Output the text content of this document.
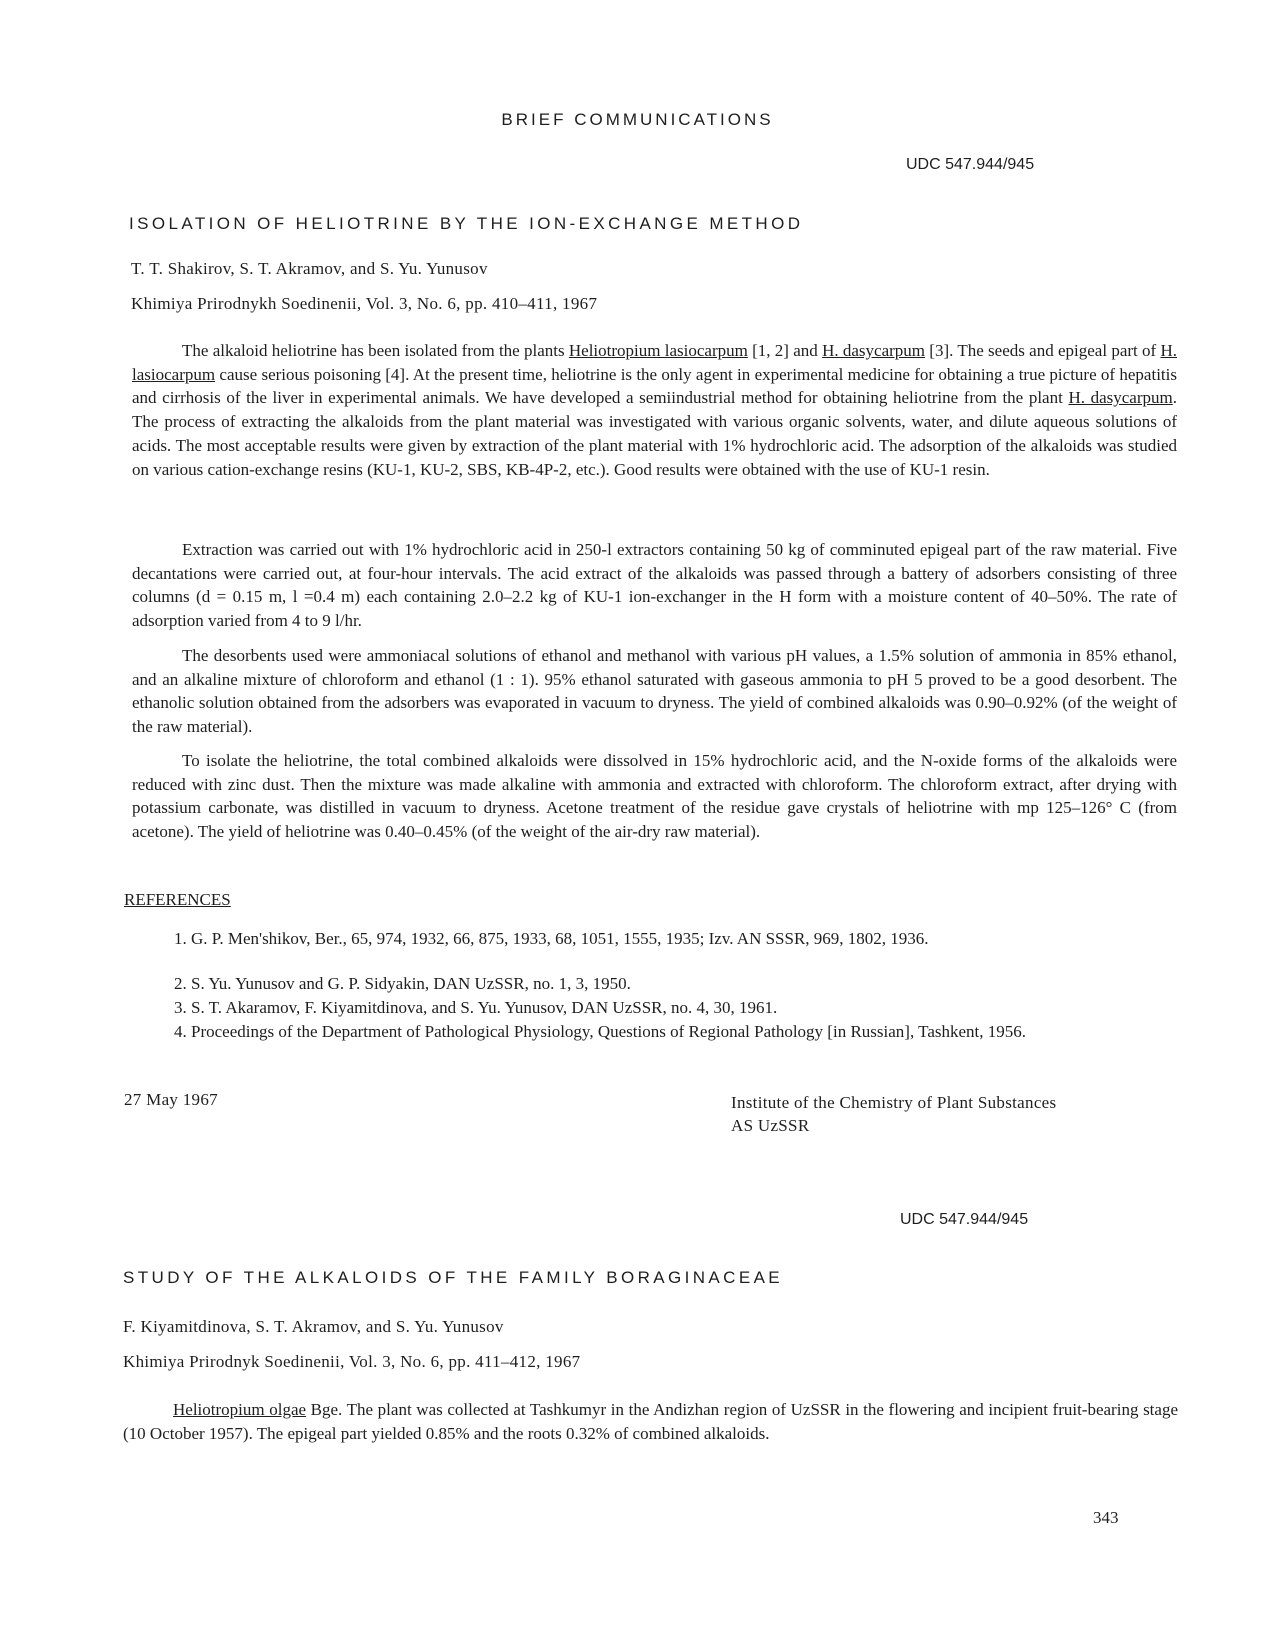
BRIEF COMMUNICATIONS
UDC 547.944/945
ISOLATION OF HELIOTRINE BY THE ION-EXCHANGE METHOD
T. T. Shakirov, S. T. Akramov, and S. Yu. Yunusov
Khimiya Prirodnykh Soedinenii, Vol. 3, No. 6, pp. 410–411, 1967
The alkaloid heliotrine has been isolated from the plants Heliotropium lasiocarpum [1, 2] and H. dasycarpum [3]. The seeds and epigeal part of H. lasiocarpum cause serious poisoning [4]. At the present time, heliotrine is the only agent in experimental medicine for obtaining a true picture of hepatitis and cirrhosis of the liver in experimental animals. We have developed a semiindustrial method for obtaining heliotrine from the plant H. dasycarpum. The process of extracting the alkaloids from the plant material was investigated with various organic solvents, water, and dilute aqueous solutions of acids. The most acceptable results were given by extraction of the plant material with 1% hydrochloric acid. The adsorption of the alkaloids was studied on various cation-exchange resins (KU-1, KU-2, SBS, KB-4P-2, etc.). Good results were obtained with the use of KU-1 resin.
Extraction was carried out with 1% hydrochloric acid in 250-l extractors containing 50 kg of comminuted epigeal part of the raw material. Five decantations were carried out, at four-hour intervals. The acid extract of the alkaloids was passed through a battery of adsorbers consisting of three columns (d = 0.15 m, l =0.4 m) each containing 2.0–2.2 kg of KU-1 ion-exchanger in the H form with a moisture content of 40–50%. The rate of adsorption varied from 4 to 9 l/hr.
The desorbents used were ammoniacal solutions of ethanol and methanol with various pH values, a 1.5% solution of ammonia in 85% ethanol, and an alkaline mixture of chloroform and ethanol (1 : 1). 95% ethanol saturated with gaseous ammonia to pH 5 proved to be a good desorbent. The ethanolic solution obtained from the adsorbers was evaporated in vacuum to dryness. The yield of combined alkaloids was 0.90–0.92% (of the weight of the raw material).
To isolate the heliotrine, the total combined alkaloids were dissolved in 15% hydrochloric acid, and the N-oxide forms of the alkaloids were reduced with zinc dust. Then the mixture was made alkaline with ammonia and extracted with chloroform. The chloroform extract, after drying with potassium carbonate, was distilled in vacuum to dryness. Acetone treatment of the residue gave crystals of heliotrine with mp 125–126° C (from acetone). The yield of heliotrine was 0.40–0.45% (of the weight of the air-dry raw material).
REFERENCES
1. G. P. Men'shikov, Ber., 65, 974, 1932, 66, 875, 1933, 68, 1051, 1555, 1935; Izv. AN SSSR, 969, 1802, 1936.
2. S. Yu. Yunusov and G. P. Sidyakin, DAN UzSSR, no. 1, 3, 1950.
3. S. T. Akaramov, F. Kiyamitdinova, and S. Yu. Yunusov, DAN UzSSR, no. 4, 30, 1961.
4. Proceedings of the Department of Pathological Physiology, Questions of Regional Pathology [in Russian], Tashkent, 1956.
27 May 1967	Institute of the Chemistry of Plant Substances
AS UzSSR
UDC 547.944/945
STUDY OF THE ALKALOIDS OF THE FAMILY BORAGINACEAE
F. Kiyamitdinova, S. T. Akramov, and S. Yu. Yunusov
Khimiya Prirodnyk Soedinenii, Vol. 3, No. 6, pp. 411–412, 1967
Heliotropium olgae Bge. The plant was collected at Tashkumyr in the Andizhan region of UzSSR in the flowering and incipient fruit-bearing stage (10 October 1957). The epigeal part yielded 0.85% and the roots 0.32% of combined alkaloids.
343
